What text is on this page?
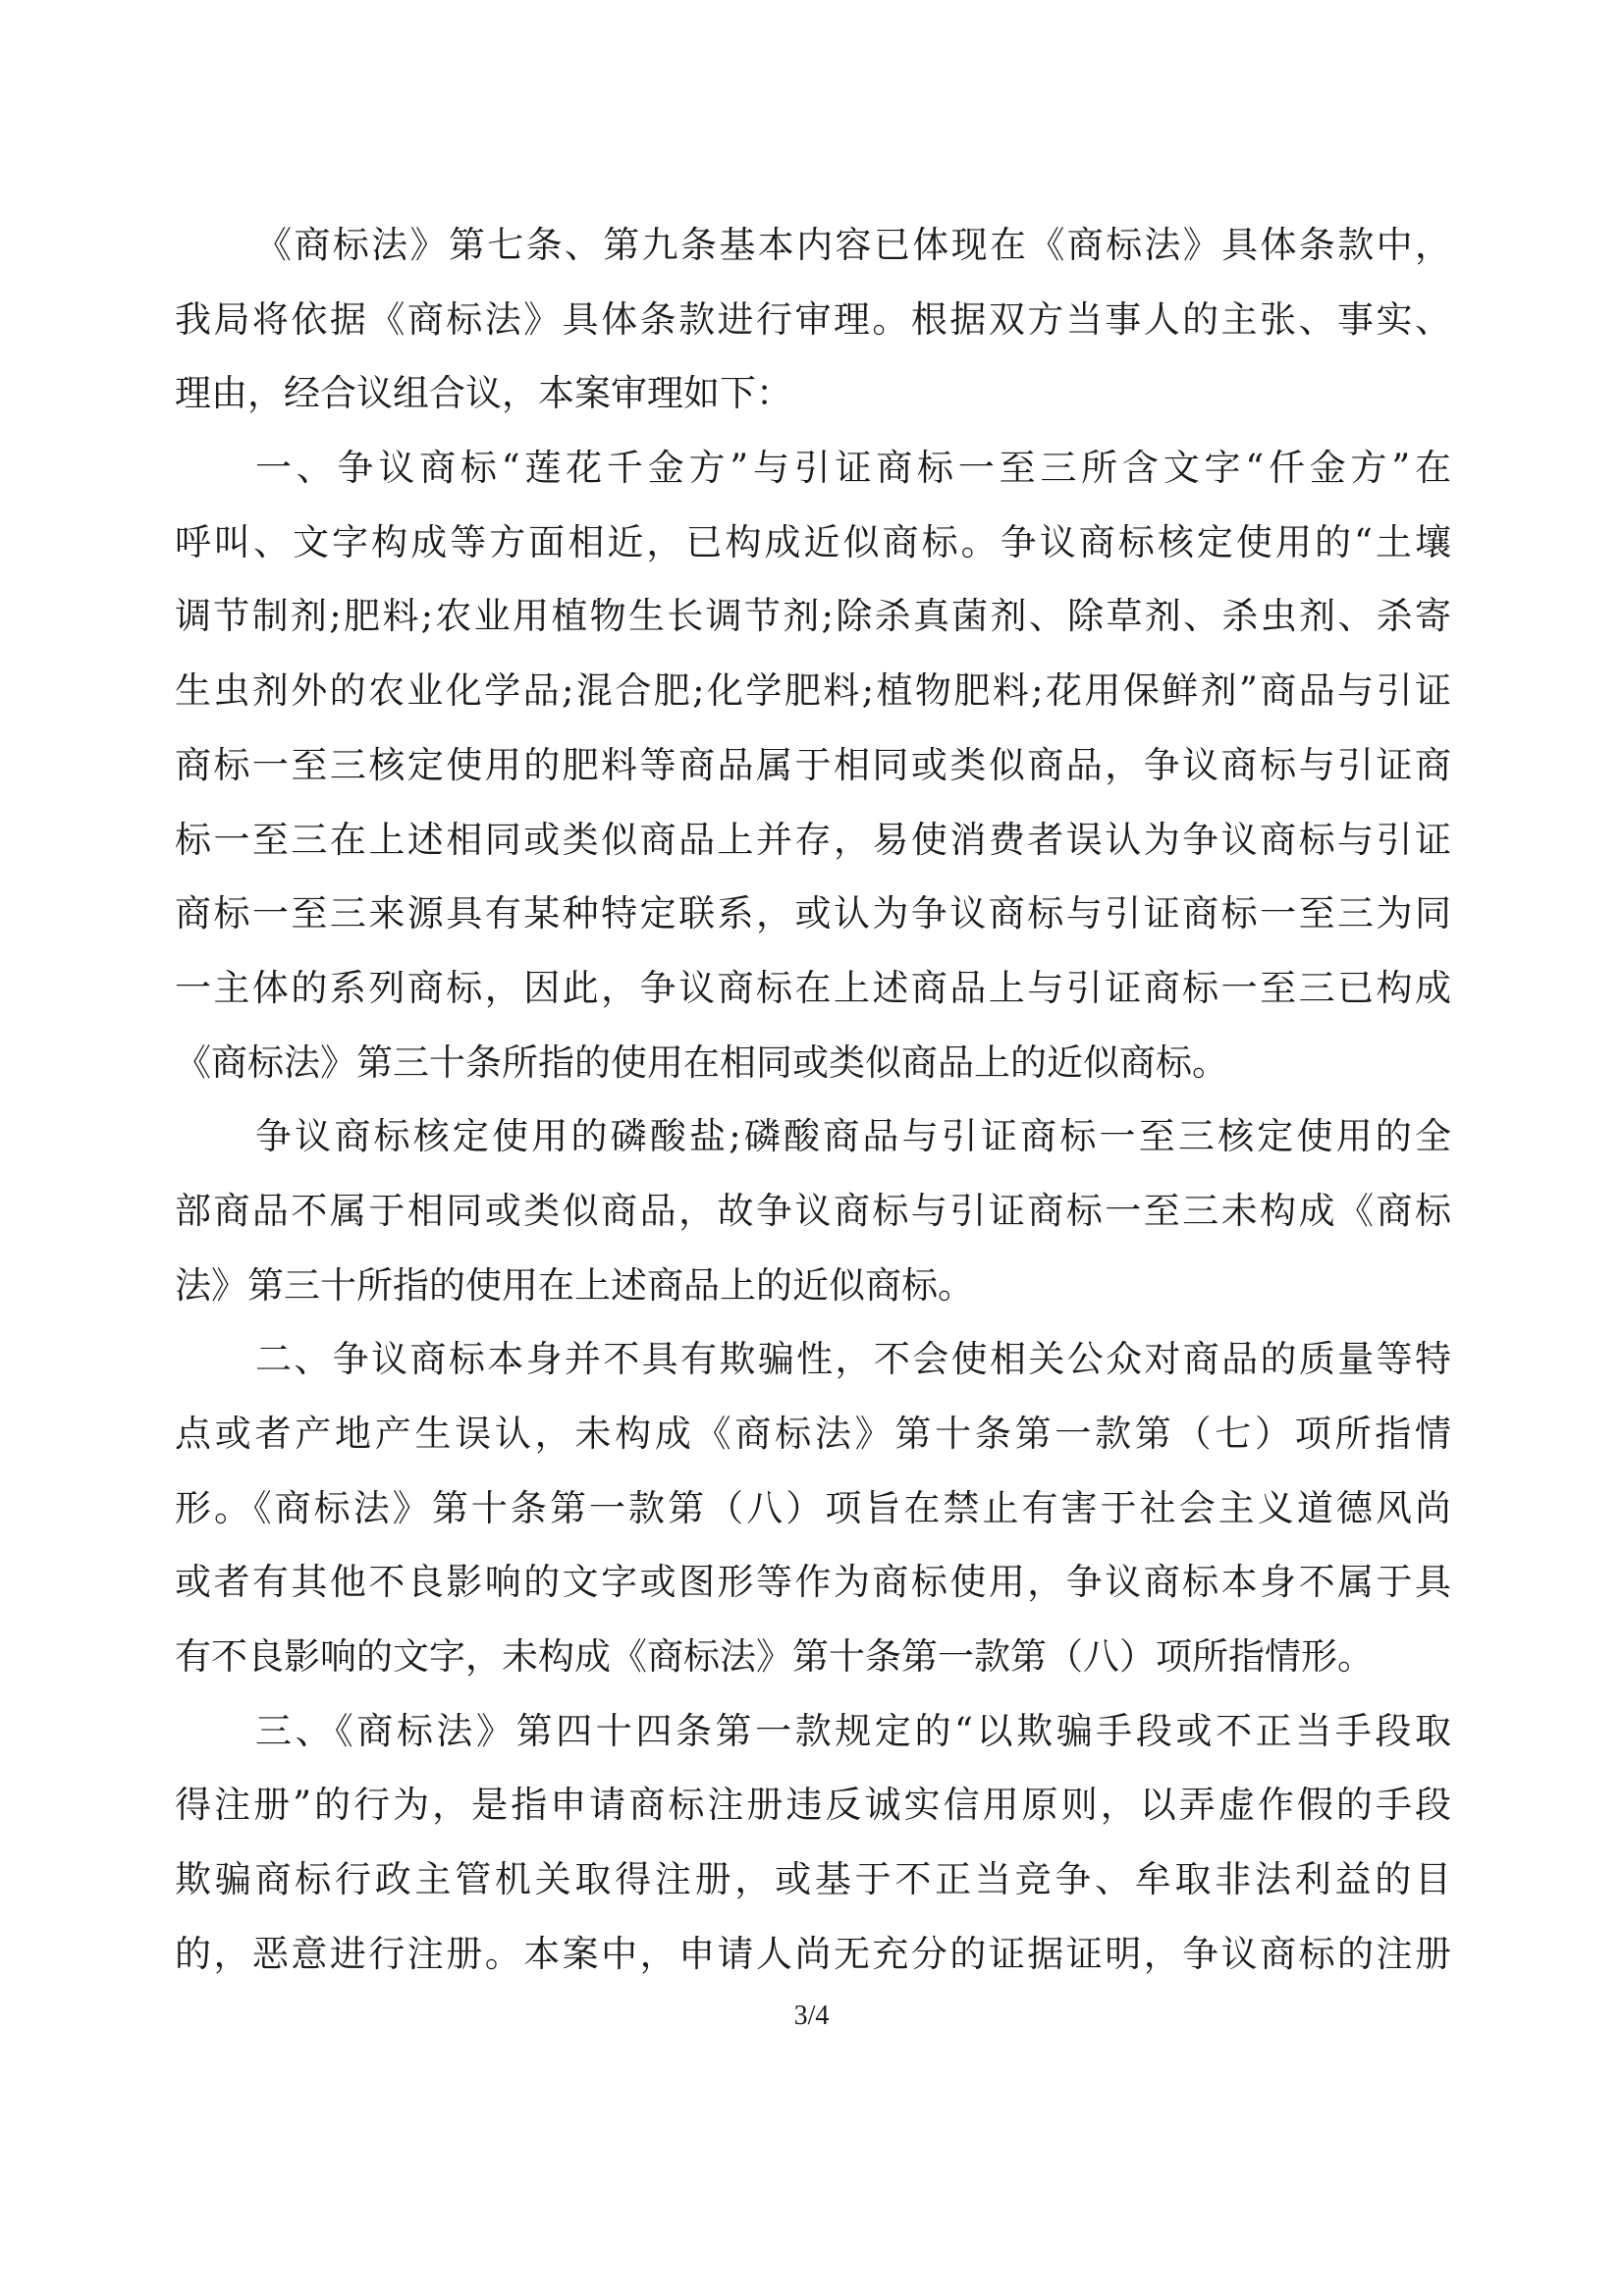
《商标法》第七条、第九条基本内容已体现在《商标法》具体条款中，
我局将依据《商标法》具体条款进行审理。根据双方当事人的主张、事实、
理由，经合议组合议，本案审理如下：
一、争议商标“莲花千金方”与引证商标一至三所含文字“仟金方”在
呼叫、文字构成等方面相近，已构成近似商标。争议商标核定使用的“土壤
调节制剂;肥料;农业用植物生长调节剂;除杀真菌剂、除草剂、杀虫剂、杀寄
生虫剂外的农业化学品;混合肥;化学肥料;植物肥料;花用保鲜剂”商品与引证
商标一至三核定使用的肥料等商品属于相同或类似商品，争议商标与引证商
标一至三在上述相同或类似商品上并存，易使消费者误认为争议商标与引证
商标一至三来源具有某种特定联系，或认为争议商标与引证商标一至三为同
一主体的系列商标，因此，争议商标在上述商品上与引证商标一至三已构成
《商标法》第三十条所指的使用在相同或类似商品上的近似商标。
争议商标核定使用的磷酸盐;磷酸商品与引证商标一至三核定使用的全
部商品不属于相同或类似商品，故争议商标与引证商标一至三未构成《商标
法》第三十所指的使用在上述商品上的近似商标。
二、争议商标本身并不具有欺骗性，不会使相关公众对商品的质量等特
点或者产地产生误认，未构成《商标法》第十条第一款第（七）项所指情
形。《商标法》第十条第一款第（八）项旨在禁止有害于社会主义道德风尚
或者有其他不良影响的文字或图形等作为商标使用，争议商标本身不属于具
有不良影响的文字，未构成《商标法》第十条第一款第（八）项所指情形。
三、《商标法》第四十四条第一款规定的“以欺骗手段或不正当手段取
得注册”的行为，是指申请商标注册违反诚实信用原则，以弄虚作假的手段
欺骗商标行政主管机关取得注册，或基于不正当竞争、牟取非法利益的目
的，恶意进行注册。本案中，申请人尚无充分的证据证明，争议商标的注册
3/4
